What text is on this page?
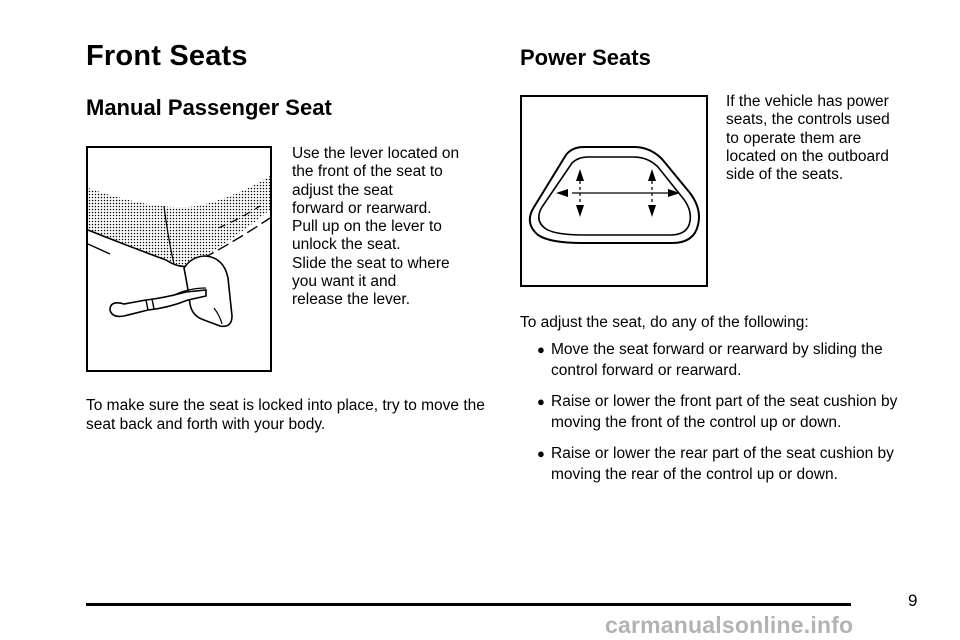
Front Seats
Manual Passenger Seat
Use the lever located on
the front of the seat to
adjust the seat
forward or rearward.
Pull up on the lever to
unlock the seat.
Slide the seat to where
you want it and
release the lever.
To make sure the seat is locked into place, try to move the seat back and forth with your body.
Power Seats
If the vehicle has power
seats, the controls used
to operate them are
located on the outboard
side of the seats.
To adjust the seat, do any of the following:
● Move the seat forward or rearward by sliding the control forward or rearward.
● Raise or lower the front part of the seat cushion by moving the front of the control up or down.
● Raise or lower the rear part of the seat cushion by moving the rear of the control up or down.
9
carmanualsonline.info
